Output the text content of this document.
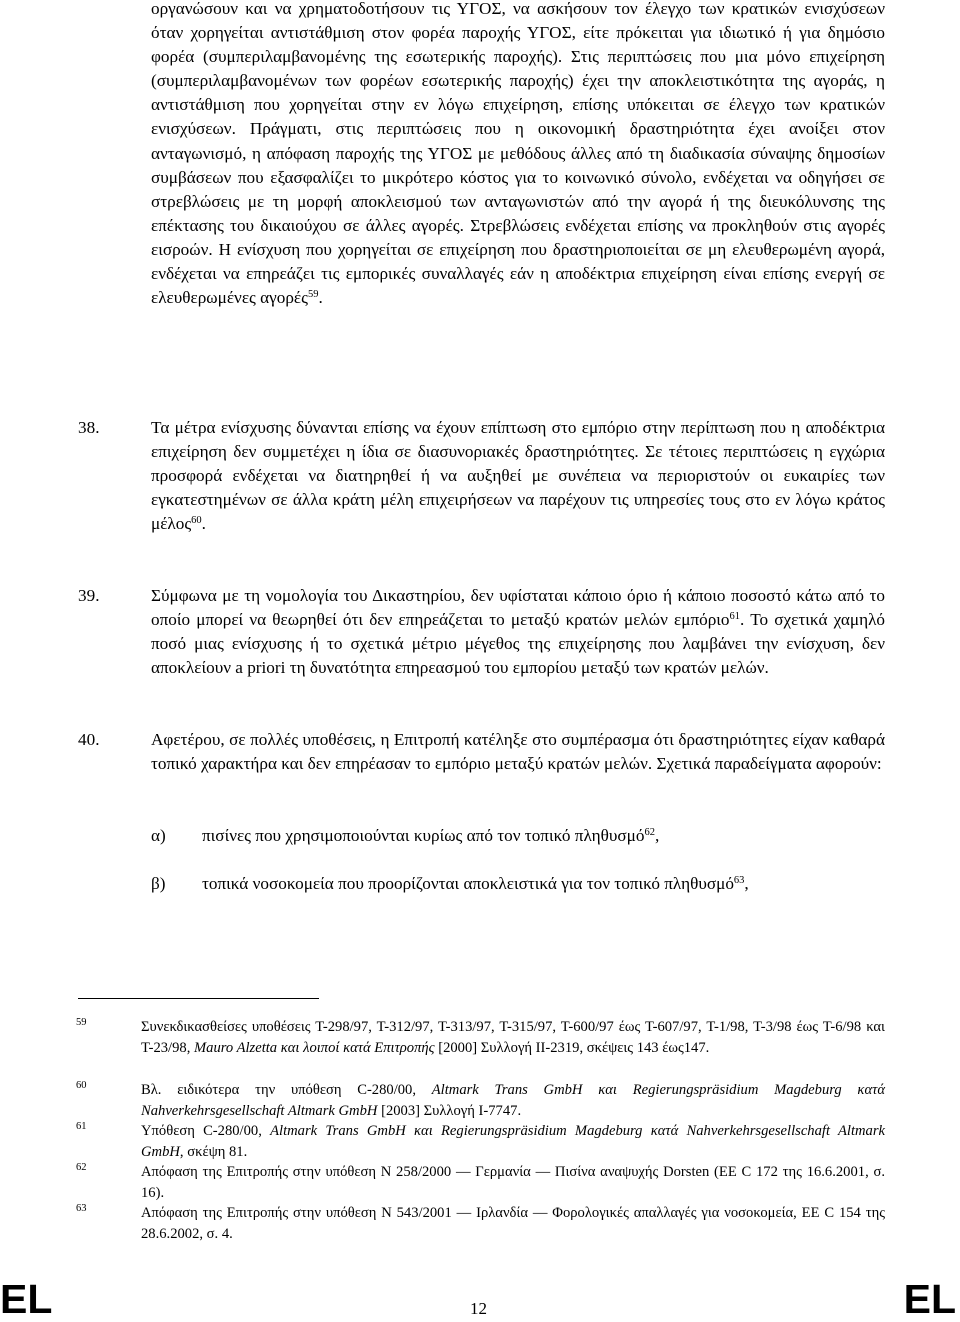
οργανώσουν και να χρηματοδοτήσουν τις ΥΓΟΣ, να ασκήσουν τον έλεγχο των κρατικών ενισχύσεων όταν χορηγείται αντιστάθμιση στον φορέα παροχής ΥΓΟΣ, είτε πρόκειται για ιδιωτικό ή για δημόσιο φορέα (συμπεριλαμβανομένης της εσωτερικής παροχής). Στις περιπτώσεις που μια μόνο επιχείρηση (συμπεριλαμβανομένων των φορέων εσωτερικής παροχής) έχει την αποκλειστικότητα της αγοράς, η αντιστάθμιση που χορηγείται στην εν λόγω επιχείρηση, επίσης υπόκειται σε έλεγχο των κρατικών ενισχύσεων. Πράγματι, στις περιπτώσεις που η οικονομική δραστηριότητα έχει ανοίξει στον ανταγωνισμό, η απόφαση παροχής της ΥΓΟΣ με μεθόδους άλλες από τη διαδικασία σύναψης δημοσίων συμβάσεων που εξασφαλίζει το μικρότερο κόστος για το κοινωνικό σύνολο, ενδέχεται να οδηγήσει σε στρεβλώσεις με τη μορφή αποκλεισμού των ανταγωνιστών από την αγορά ή της διευκόλυνσης της επέκτασης του δικαιούχου σε άλλες αγορές. Στρεβλώσεις ενδέχεται επίσης να προκληθούν στις αγορές εισροών. Η ενίσχυση που χορηγείται σε επιχείρηση που δραστηριοποιείται σε μη ελευθερωμένη αγορά, ενδέχεται να επηρεάζει τις εμπορικές συναλλαγές εάν η αποδέκτρια επιχείρηση είναι επίσης ενεργή σε ελευθερωμένες αγορές$^{59}$.

38.	Τα μέτρα ενίσχυσης δύνανται επίσης να έχουν επίπτωση στο εμπόριο στην περίπτωση που η αποδέκτρια επιχείρηση δεν συμμετέχει η ίδια σε διασυνοριακές δραστηριότητες. Σε τέτοιες περιπτώσεις η εγχώρια προσφορά ενδέχεται να διατηρηθεί ή να αυξηθεί με συνέπεια να περιοριστούν οι ευκαιρίες των εγκατεστημένων σε άλλα κράτη μέλη επιχειρήσεων να παρέχουν τις υπηρεσίες τους στο εν λόγω κράτος μέλος$^{60}$.

39.	Σύμφωνα με τη νομολογία του Δικαστηρίου, δεν υφίσταται κάποιο όριο ή κάποιο ποσοστό κάτω από το οποίο μπορεί να θεωρηθεί ότι δεν επηρεάζεται το μεταξύ κρατών μελών εμπόριο$^{61}$. Το σχετικά χαμηλό ποσό μιας ενίσχυσης ή το σχετικά μέτριο μέγεθος της επιχείρησης που λαμβάνει την ενίσχυση, δεν αποκλείουν a priori τη δυνατότητα επηρεασμού του εμπορίου μεταξύ των κρατών μελών.

40.	Αφετέρου, σε πολλές υποθέσεις, η Επιτροπή κατέληξε στο συμπέρασμα ότι δραστηριότητες είχαν καθαρά τοπικό χαρακτήρα και δεν επηρέασαν το εμπόριο μεταξύ κρατών μελών. Σχετικά παραδείγματα αφορούν:

α) πισίνες που χρησιμοποιούνται κυρίως από τον τοπικό πληθυσμό$^{62}$,

β) τοπικά νοσοκομεία που προορίζονται αποκλειστικά για τον τοπικό πληθυσμό$^{63}$,

59	Συνεκδικασθείσες υποθέσεις Τ-298/97, Τ-312/97, Τ-313/97, Τ-315/97, Τ-600/97 έως Τ-607/97, Τ-1/98, Τ-3/98 έως Τ-6/98 και Τ-23/98, Mauro Alzetta και λοιποί κατά Επιτροπής [2000] Συλλογή ΙΙ-2319, σκέψεις 143 έως147.

60	Βλ. ειδικότερα την υπόθεση C-280/00, Altmark Trans GmbH και Regierungspräsidium Magdeburg κατά Nahverkehrsgesellschaft Altmark GmbH [2003] Συλλογή Ι-7747.

61	Υπόθεση C-280/00, Altmark Trans GmbH και Regierungspräsidium Magdeburg κατά Nahverkehrsgesellschaft Altmark GmbH, σκέψη 81.

62	Απόφαση της Επιτροπής στην υπόθεση Ν 258/2000 — Γερμανία — Πισίνα αναψυχής Dorsten (ΕΕ C 172 της 16.6.2001, σ. 16).

63	Απόφαση της Επιτροπής στην υπόθεση Ν 543/2001 — Ιρλανδία — Φορολογικές απαλλαγές για νοσοκομεία, ΕΕ C 154 της 28.6.2002, σ. 4.

EL	12	EL
